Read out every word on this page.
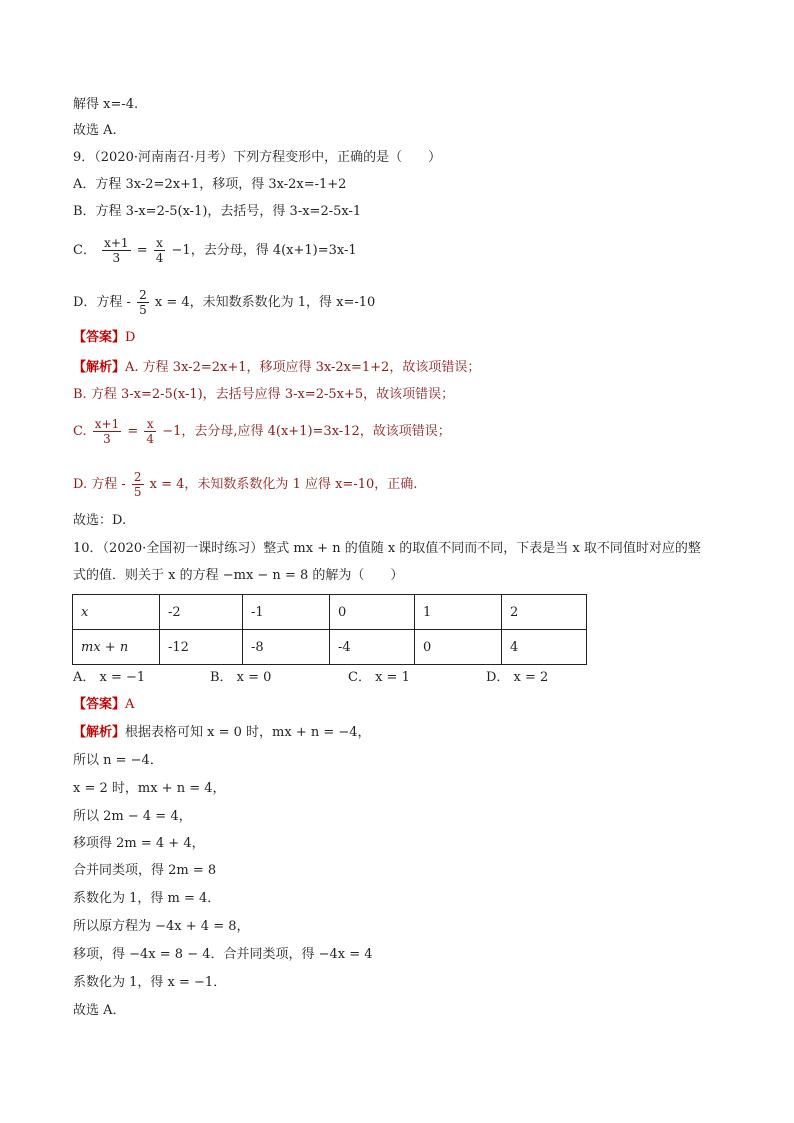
解得 x=-4.
故选 A.
9．（2020·河南南召·月考）下列方程变形中，正确的是（　　）
A．方程 3x-2=2x+1，移项，得 3x-2x=-1+2
B．方程 3-x=2-5(x-1)，去括号，得 3-x=2-5x-1
C． $\frac{x+1}{3} = \frac{x}{4} -1$，去分母，得 4(x+1)=3x-1
D．方程 - $\frac{2}{5}$ x = 4，未知数系数化为 1，得 x=-10
【答案】D
【解析】A. 方程 3x-2=2x+1，移项应得 3x-2x=1+2，故该项错误；
B. 方程 3-x=2-5(x-1)，去括号应得 3-x=2-5x+5，故该项错误；
C. $\frac{x+1}{3} = \frac{x}{4} -1$，去分母,应得 4(x+1)=3x-12，故该项错误；
D. 方程 - $\frac{2}{5}$ x = 4，未知数系数化为 1 应得 x=-10，正确.
故选：D.
10．（2020·全国初一课时练习）整式 mx + n 的值随 x 的取值不同而不同，下表是当 x 取不同值时对应的整
式的值．则关于 x 的方程 −mx − n = 8 的解为（　　）
x	-2	-1	0	1	2
mx + n	-12	-8	-4	0	4
A． x = −1	B． x = 0	C． x = 1	D． x = 2
【答案】A
【解析】根据表格可知 x = 0 时，mx + n = −4，
所以 n = −4．
x = 2 时，mx + n = 4，
所以 2m − 4 = 4，
移项得 2m = 4 + 4，
合并同类项，得 2m = 8
系数化为 1，得 m = 4．
所以原方程为 −4x + 4 = 8，
移项，得 −4x = 8 − 4．合并同类项，得 −4x = 4
系数化为 1，得 x = −1．
故选 A．
